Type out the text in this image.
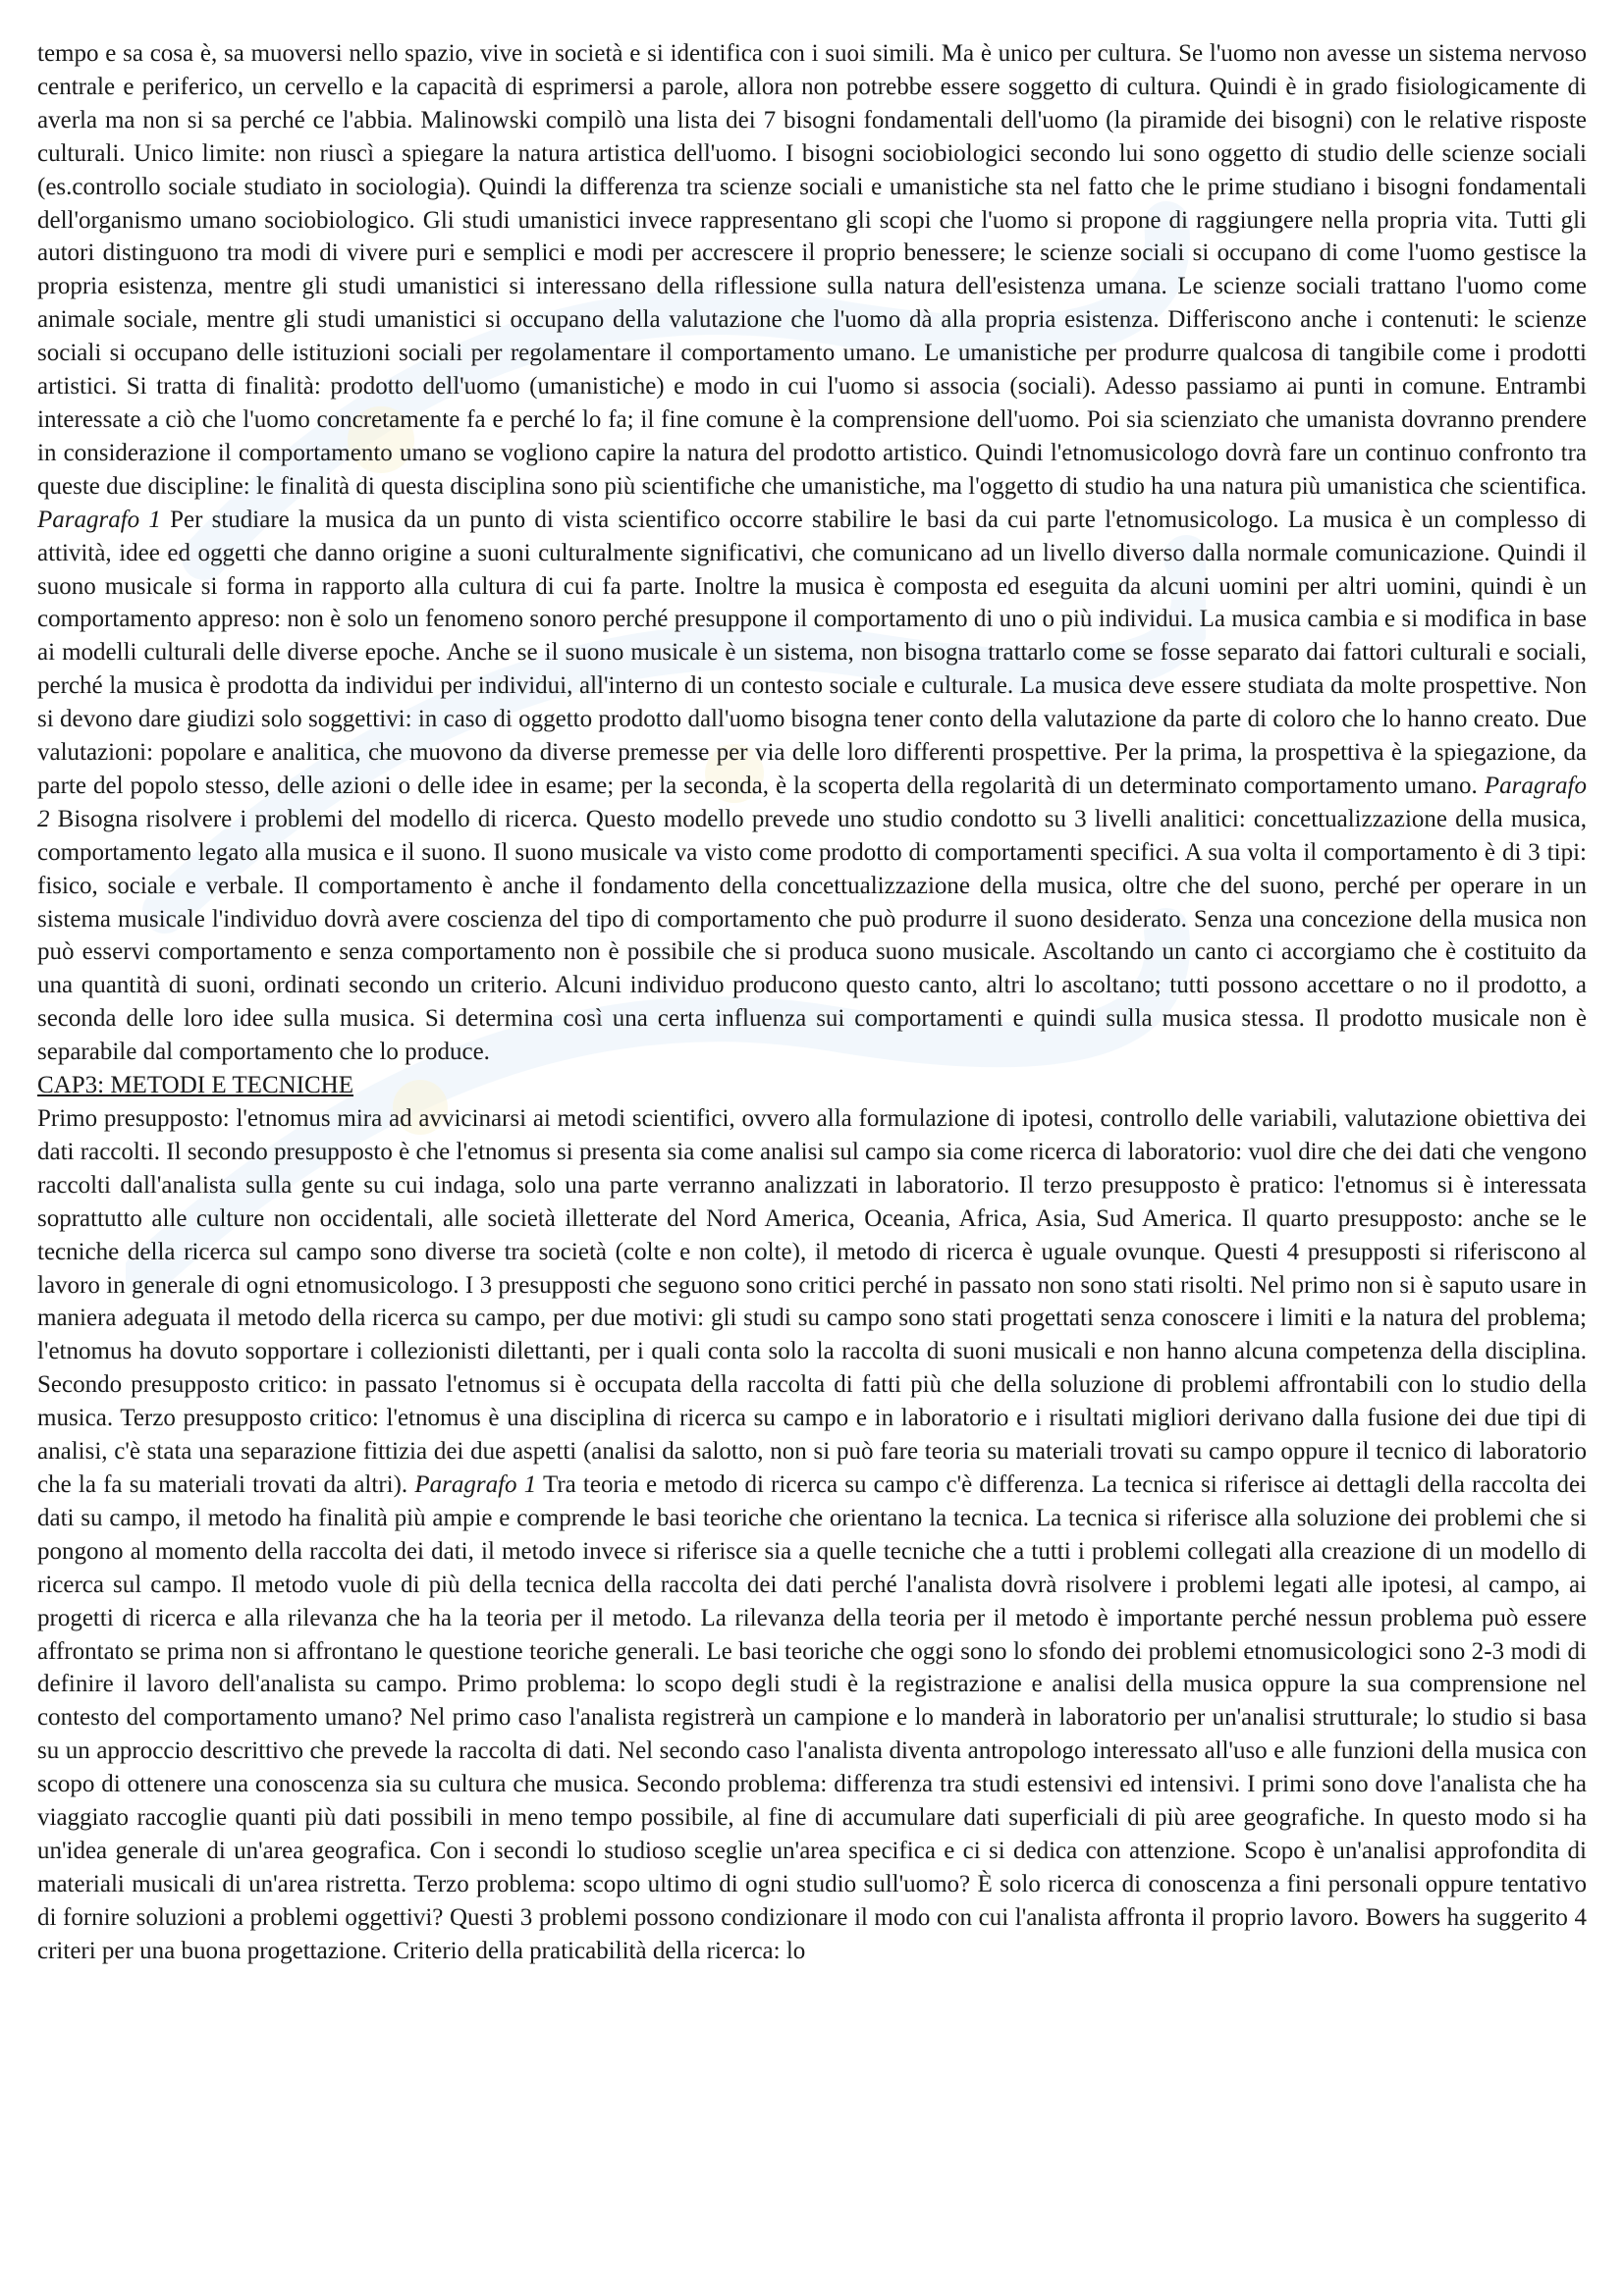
tempo e sa cosa è, sa muoversi nello spazio, vive in società e si identifica con i suoi simili. Ma è unico per cultura. Se l'uomo non avesse un sistema nervoso centrale e periferico, un cervello e la capacità di esprimersi a parole, allora non potrebbe essere soggetto di cultura. Quindi è in grado fisiologicamente di averla ma non si sa perché ce l'abbia. Malinowski compilò una lista dei 7 bisogni fondamentali dell'uomo (la piramide dei bisogni) con le relative risposte culturali. Unico limite: non riuscì a spiegare la natura artistica dell'uomo. I bisogni sociobiologici secondo lui sono oggetto di studio delle scienze sociali (es.controllo sociale studiato in sociologia). Quindi la differenza tra scienze sociali e umanistiche sta nel fatto che le prime studiano i bisogni fondamentali dell'organismo umano sociobiologico. Gli studi umanistici invece rappresentano gli scopi che l'uomo si propone di raggiungere nella propria vita. Tutti gli autori distinguono tra modi di vivere puri e semplici e modi per accrescere il proprio benessere; le scienze sociali si occupano di come l'uomo gestisce la propria esistenza, mentre gli studi umanistici si interessano della riflessione sulla natura dell'esistenza umana. Le scienze sociali trattano l'uomo come animale sociale, mentre gli studi umanistici si occupano della valutazione che l'uomo dà alla propria esistenza. Differiscono anche i contenuti: le scienze sociali si occupano delle istituzioni sociali per regolamentare il comportamento umano. Le umanistiche per produrre qualcosa di tangibile come i prodotti artistici. Si tratta di finalità: prodotto dell'uomo (umanistiche) e modo in cui l'uomo si associa (sociali). Adesso passiamo ai punti in comune. Entrambi interessate a ciò che l'uomo concretamente fa e perché lo fa; il fine comune è la comprensione dell'uomo. Poi sia scienziato che umanista dovranno prendere in considerazione il comportamento umano se vogliono capire la natura del prodotto artistico. Quindi l'etnomusicologo dovrà fare un continuo confronto tra queste due discipline: le finalità di questa disciplina sono più scientifiche che umanistiche, ma l'oggetto di studio ha una natura più umanistica che scientifica. Paragrafo 1 Per studiare la musica da un punto di vista scientifico occorre stabilire le basi da cui parte l'etnomusicologo. La musica è un complesso di attività, idee ed oggetti che danno origine a suoni culturalmente significativi, che comunicano ad un livello diverso dalla normale comunicazione. Quindi il suono musicale si forma in rapporto alla cultura di cui fa parte. Inoltre la musica è composta ed eseguita da alcuni uomini per altri uomini, quindi è un comportamento appreso: non è solo un fenomeno sonoro perché presuppone il comportamento di uno o più individui. La musica cambia e si modifica in base ai modelli culturali delle diverse epoche. Anche se il suono musicale è un sistema, non bisogna trattarlo come se fosse separato dai fattori culturali e sociali, perché la musica è prodotta da individui per individui, all'interno di un contesto sociale e culturale. La musica deve essere studiata da molte prospettive. Non si devono dare giudizi solo soggettivi: in caso di oggetto prodotto dall'uomo bisogna tener conto della valutazione da parte di coloro che lo hanno creato. Due valutazioni: popolare e analitica, che muovono da diverse premesse per via delle loro differenti prospettive. Per la prima, la prospettiva è la spiegazione, da parte del popolo stesso, delle azioni o delle idee in esame; per la seconda, è la scoperta della regolarità di un determinato comportamento umano. Paragrafo 2 Bisogna risolvere i problemi del modello di ricerca. Questo modello prevede uno studio condotto su 3 livelli analitici: concettualizzazione della musica, comportamento legato alla musica e il suono. Il suono musicale va visto come prodotto di comportamenti specifici. A sua volta il comportamento è di 3 tipi: fisico, sociale e verbale. Il comportamento è anche il fondamento della concettualizzazione della musica, oltre che del suono, perché per operare in un sistema musicale l'individuo dovrà avere coscienza del tipo di comportamento che può produrre il suono desiderato. Senza una concezione della musica non può esservi comportamento e senza comportamento non è possibile che si produca suono musicale. Ascoltando un canto ci accorgiamo che è costituito da una quantità di suoni, ordinati secondo un criterio. Alcuni individuo producono questo canto, altri lo ascoltano; tutti possono accettare o no il prodotto, a seconda delle loro idee sulla musica. Si determina così una certa influenza sui comportamenti e quindi sulla musica stessa. Il prodotto musicale non è separabile dal comportamento che lo produce.

CAP3: METODI E TECNICHE

Primo presupposto: l'etnomus mira ad avvicinarsi ai metodi scientifici, ovvero alla formulazione di ipotesi, controllo delle variabili, valutazione obiettiva dei dati raccolti. Il secondo presupposto è che l'etnomus si presenta sia come analisi sul campo sia come ricerca di laboratorio: vuol dire che dei dati che vengono raccolti dall'analista sulla gente su cui indaga, solo una parte verranno analizzati in laboratorio. Il terzo presupposto è pratico: l'etnomus si è interessata soprattutto alle culture non occidentali, alle società illetterate del Nord America, Oceania, Africa, Asia, Sud America. Il quarto presupposto: anche se le tecniche della ricerca sul campo sono diverse tra società (colte e non colte), il metodo di ricerca è uguale ovunque. Questi 4 presupposti si riferiscono al lavoro in generale di ogni etnomusicologo. I 3 presupposti che seguono sono critici perché in passato non sono stati risolti. Nel primo non si è saputo usare in maniera adeguata il metodo della ricerca su campo, per due motivi: gli studi su campo sono stati progettati senza conoscere i limiti e la natura del problema; l'etnomus ha dovuto sopportare i collezionisti dilettanti, per i quali conta solo la raccolta di suoni musicali e non hanno alcuna competenza della disciplina. Secondo presupposto critico: in passato l'etnomus si è occupata della raccolta di fatti più che della soluzione di problemi affrontabili con lo studio della musica. Terzo presupposto critico: l'etnomus è una disciplina di ricerca su campo e in laboratorio e i risultati migliori derivano dalla fusione dei due tipi di analisi, c'è stata una separazione fittizia dei due aspetti (analisi da salotto, non si può fare teoria su materiali trovati su campo oppure il tecnico di laboratorio che la fa su materiali trovati da altri). Paragrafo 1 Tra teoria e metodo di ricerca su campo c'è differenza. La tecnica si riferisce ai dettagli della raccolta dei dati su campo, il metodo ha finalità più ampie e comprende le basi teoriche che orientano la tecnica. La tecnica si riferisce alla soluzione dei problemi che si pongono al momento della raccolta dei dati, il metodo invece si riferisce sia a quelle tecniche che a tutti i problemi collegati alla creazione di un modello di ricerca sul campo. Il metodo vuole di più della tecnica della raccolta dei dati perché l'analista dovrà risolvere i problemi legati alle ipotesi, al campo, ai progetti di ricerca e alla rilevanza che ha la teoria per il metodo. La rilevanza della teoria per il metodo è importante perché nessun problema può essere affrontato se prima non si affrontano le questione teoriche generali. Le basi teoriche che oggi sono lo sfondo dei problemi etnomusicologici sono 2-3 modi di definire il lavoro dell'analista su campo. Primo problema: lo scopo degli studi è la registrazione e analisi della musica oppure la sua comprensione nel contesto del comportamento umano? Nel primo caso l'analista registrerà un campione e lo manderà in laboratorio per un'analisi strutturale; lo studio si basa su un approccio descrittivo che prevede la raccolta di dati. Nel secondo caso l'analista diventa antropologo interessato all'uso e alle funzioni della musica con scopo di ottenere una conoscenza sia su cultura che musica. Secondo problema: differenza tra studi estensivi ed intensivi. I primi sono dove l'analista che ha viaggiato raccoglie quanti più dati possibili in meno tempo possibile, al fine di accumulare dati superficiali di più aree geografiche. In questo modo si ha un'idea generale di un'area geografica. Con i secondi lo studioso sceglie un'area specifica e ci si dedica con attenzione. Scopo è un'analisi approfondita di materiali musicali di un'area ristretta. Terzo problema: scopo ultimo di ogni studio sull'uomo? È solo ricerca di conoscenza a fini personali oppure tentativo di fornire soluzioni a problemi oggettivi? Questi 3 problemi possono condizionare il modo con cui l'analista affronta il proprio lavoro. Bowers ha suggerito 4 criteri per una buona progettazione. Criterio della praticabilità della ricerca: lo
